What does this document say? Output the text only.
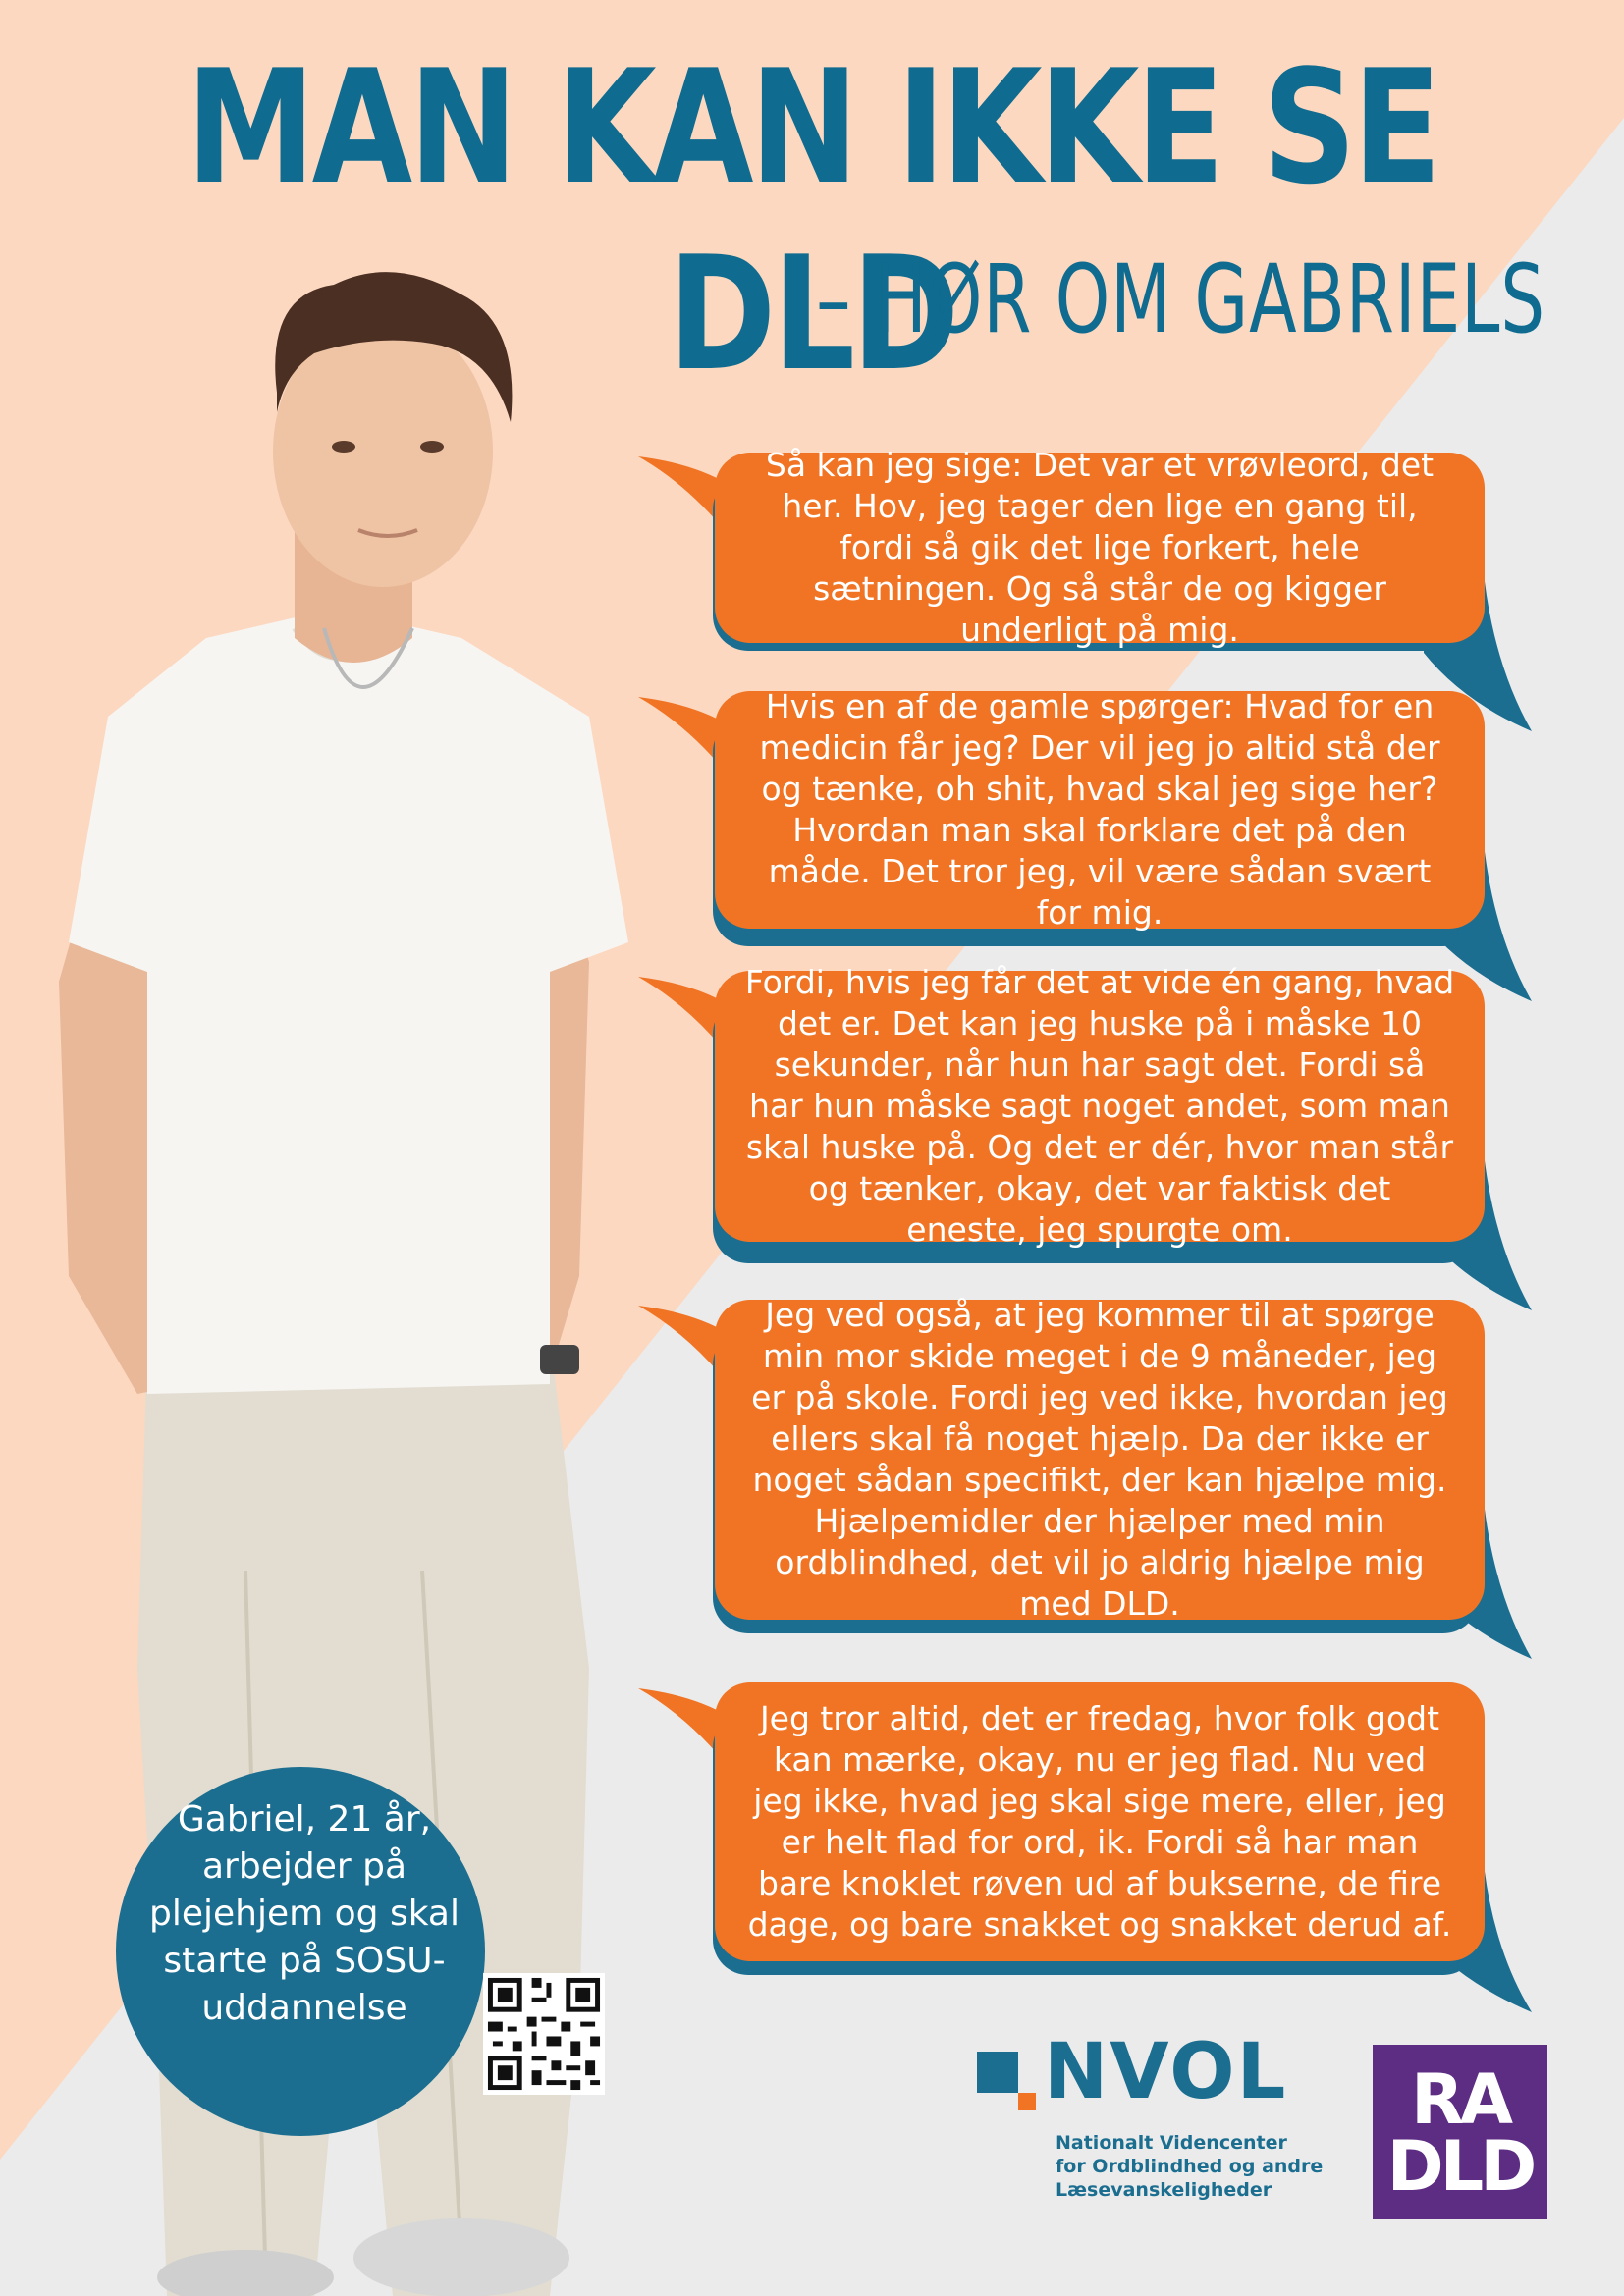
MAN KAN IKKE SE DLD
– HØR OM GABRIELS
Så kan jeg sige: Det var et vrøvleord, det her. Hov, jeg tager den lige en gang til, fordi så gik det lige forkert, hele sætningen. Og så står de og kigger underligt på mig.
Hvis en af de gamle spørger: Hvad for en medicin får jeg? Der vil jeg jo altid stå der og tænke, oh shit, hvad skal jeg sige her? Hvordan man skal forklare det på den måde. Det tror jeg, vil være sådan svært for mig.
Fordi, hvis jeg får det at vide én gang, hvad det er. Det kan jeg huske på i måske 10 sekunder, når hun har sagt det. Fordi så har hun måske sagt noget andet, som man skal huske på. Og det er dér, hvor man står og tænker, okay, det var faktisk det eneste, jeg spurgte om.
Jeg ved også, at jeg kommer til at spørge min mor skide meget i de 9 måneder, jeg er på skole. Fordi jeg ved ikke, hvordan jeg ellers skal få noget hjælp. Da der ikke er noget sådan specifikt, der kan hjælpe mig. Hjælpemidler der hjælper med min ordblindhed, det vil jo aldrig hjælpe mig med DLD.
Jeg tror altid, det er fredag, hvor folk godt kan mærke, okay, nu er jeg flad. Nu ved jeg ikke, hvad jeg skal sige mere, eller, jeg er helt flad for ord, ik. Fordi så har man bare knoklet røven ud af bukserne, de fire dage, og bare snakket og snakket derud af.

Gabriel, 21 år, arbejder på plejehjem og skal starte på SOSU-uddannelse

NVOL
Nationalt Videncenter
for Ordblindhed og andre
Læsevanskeligheder

RA

DLD
